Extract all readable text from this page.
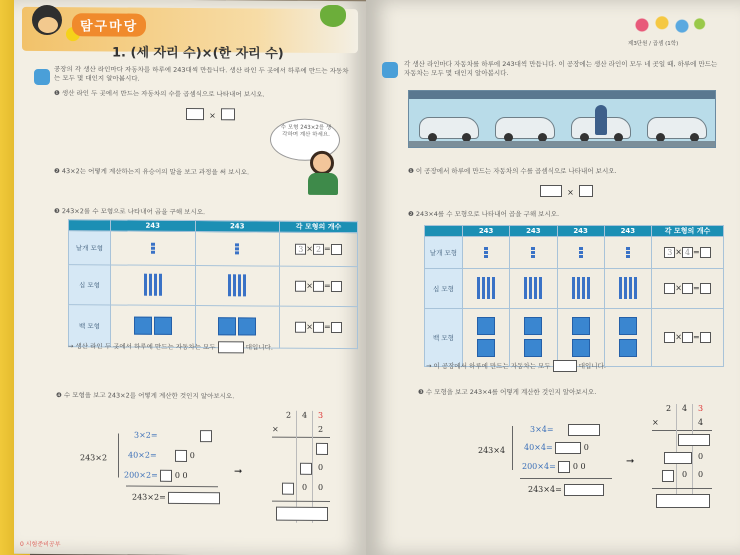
탐구마당
1. (세 자리 수)×(한 자리 수)
공장의 각 생산 라인마다 자동차를 하루에 243대씩 만듭니다. 생산 라인 두 곳에서 하루에 만드는 자동차는 모두 몇 대인지 알아봅시다.
❶ 생산 라인 두 곳에서 만드는 자동차의 수를 곱셈식으로 나타내어 보시오.
×
수 모형 243×2를 생각하며 계산 하세요.
❷ 43×2는 어떻게 계산하는지 유승이의 말을 보고 과정을 써 보시오.
❸ 243×2를 수 모형으로 나타내어 곱을 구해 보시오.
	243	243	각 모형의 개수
낱개 모형			3 × 2 =
십 모형			× =
백 모형			× =
→ 생산 라인 두 곳에서 하루에 만드는 자동차는 모두	대입니다.
❹ 수 모형을 보고 243×2를 어떻게 계산한 것인지 알아보시오.
243×2
3×2=
40×2=	0
200×2= 0 0
243×2=
➞
2 4 3
×	2
0
0 0
0 시험준비공부
제3단원 / 곱셈 (1학)
각 생산 라인마다 자동차를 하루에 243대씩 만듭니다. 이 공장에는 생산 라인이 모두 네 곳일 때, 하루에 만드는 자동차는 모두 몇 대인지 알아봅시다.
❶ 이 공장에서 하루에 만드는 자동차의 수를 곱셈식으로 나타내어 보시오.
×
❷ 243×4를 수 모형으로 나타내어 곱을 구해 보시오.
	243	243	243	243	각 모형의 개수
낱개 모형					3 × 4 =
십 모형					× =
백 모형					× =
→ 이 공장에서 하루에 만드는 자동차는 모두	대입니다.
❸ 수 모형을 보고 243×4를 어떻게 계산한 것인지 알아보시오.
243×4
3×4=
40×4=	0
200×4= 0 0
243×4=
➞
2 4 3
×	4
0
0 0
